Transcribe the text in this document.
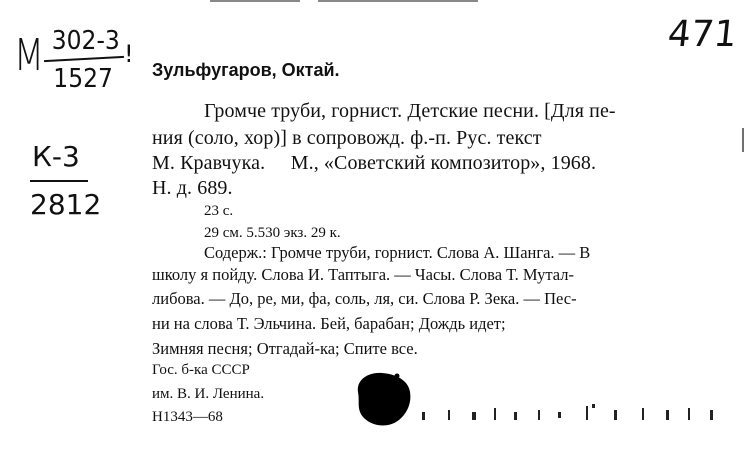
М 302-3
1527
!	471
К-3
2812
Зульфугаров, Октай.
Громче труби, горнист. Детские песни. [Для пе-
ния (соло, хор)] в сопровожд. ф.-п. Рус. текст
М. Кравчука.     М., «Советский композитор», 1968.
Н. д. 689.
23 с.
29 см. 5.530 экз. 29 к.
Содерж.: Громче труби, горнист. Слова А. Шанга. — В
школу я пойду. Слова И. Таптыга. — Часы. Слова Т. Мутал-
либова. — До, ре, ми, фа, соль, ля, си. Слова Р. Зека. — Пес-
ни на слова Т. Эльчина. Бей, барабан; Дождь идет;
Зимняя песня; Отгадай-ка; Спите все.
Гос. б-ка СССР
им. В. И. Ленина.
Н1343—68
